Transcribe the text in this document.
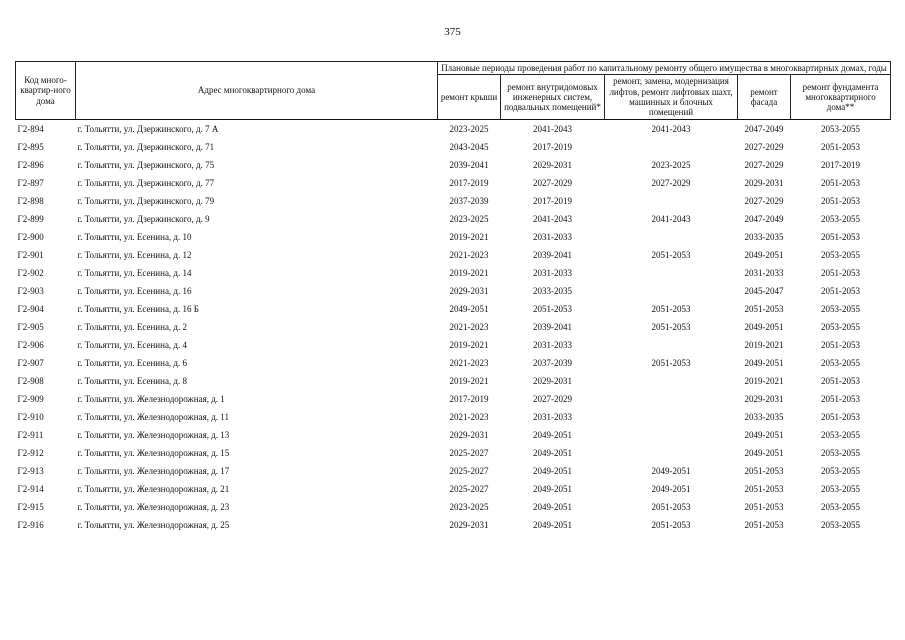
375
Код много-квартир-ного дома	Адрес многоквартирного дома	Плановые периоды проведения работ по капитальному ремонту общего имущества в многоквартирных домах, годы				
		ремонт крыши	ремонт внутридомовых инженерных систем, подвальных помещений*	ремонт, замена, модернизация лифтов, ремонт лифтовых шахт, машинных и блочных помещений	ремонт фасада	ремонт фундамента многоквартирного дома**
Г2-894	г. Тольятти, ул. Дзержинского, д. 7 А	2023-2025	2041-2043	2041-2043	2047-2049	2053-2055
Г2-895	г. Тольятти, ул. Дзержинского, д. 71	2043-2045	2017-2019		2027-2029	2051-2053
Г2-896	г. Тольятти, ул. Дзержинского, д. 75	2039-2041	2029-2031	2023-2025	2027-2029	2017-2019
Г2-897	г. Тольятти, ул. Дзержинского, д. 77	2017-2019	2027-2029	2027-2029	2029-2031	2051-2053
Г2-898	г. Тольятти, ул. Дзержинского, д. 79	2037-2039	2017-2019		2027-2029	2051-2053
Г2-899	г. Тольятти, ул. Дзержинского, д. 9	2023-2025	2041-2043	2041-2043	2047-2049	2053-2055
Г2-900	г. Тольятти, ул. Есенина, д. 10	2019-2021	2031-2033		2033-2035	2051-2053
Г2-901	г. Тольятти, ул. Есенина, д. 12	2021-2023	2039-2041	2051-2053	2049-2051	2053-2055
Г2-902	г. Тольятти, ул. Есенина, д. 14	2019-2021	2031-2033		2031-2033	2051-2053
Г2-903	г. Тольятти, ул. Есенина, д. 16	2029-2031	2033-2035		2045-2047	2051-2053
Г2-904	г. Тольятти, ул. Есенина, д. 16 Б	2049-2051	2051-2053	2051-2053	2051-2053	2053-2055
Г2-905	г. Тольятти, ул. Есенина, д. 2	2021-2023	2039-2041	2051-2053	2049-2051	2053-2055
Г2-906	г. Тольятти, ул. Есенина, д. 4	2019-2021	2031-2033		2019-2021	2051-2053
Г2-907	г. Тольятти, ул. Есенина, д. 6	2021-2023	2037-2039	2051-2053	2049-2051	2053-2055
Г2-908	г. Тольятти, ул. Есенина, д. 8	2019-2021	2029-2031		2019-2021	2051-2053
Г2-909	г. Тольятти, ул. Железнодорожная, д. 1	2017-2019	2027-2029		2029-2031	2051-2053
Г2-910	г. Тольятти, ул. Железнодорожная, д. 11	2021-2023	2031-2033		2033-2035	2051-2053
Г2-911	г. Тольятти, ул. Железнодорожная, д. 13	2029-2031	2049-2051		2049-2051	2053-2055
Г2-912	г. Тольятти, ул. Железнодорожная, д. 15	2025-2027	2049-2051		2049-2051	2053-2055
Г2-913	г. Тольятти, ул. Железнодорожная, д. 17	2025-2027	2049-2051	2049-2051	2051-2053	2053-2055
Г2-914	г. Тольятти, ул. Железнодорожная, д. 21	2025-2027	2049-2051	2049-2051	2051-2053	2053-2055
Г2-915	г. Тольятти, ул. Железнодорожная, д. 23	2023-2025	2049-2051	2051-2053	2051-2053	2053-2055
Г2-916	г. Тольятти, ул. Железнодорожная, д. 25	2029-2031	2049-2051	2051-2053	2051-2053	2053-2055
